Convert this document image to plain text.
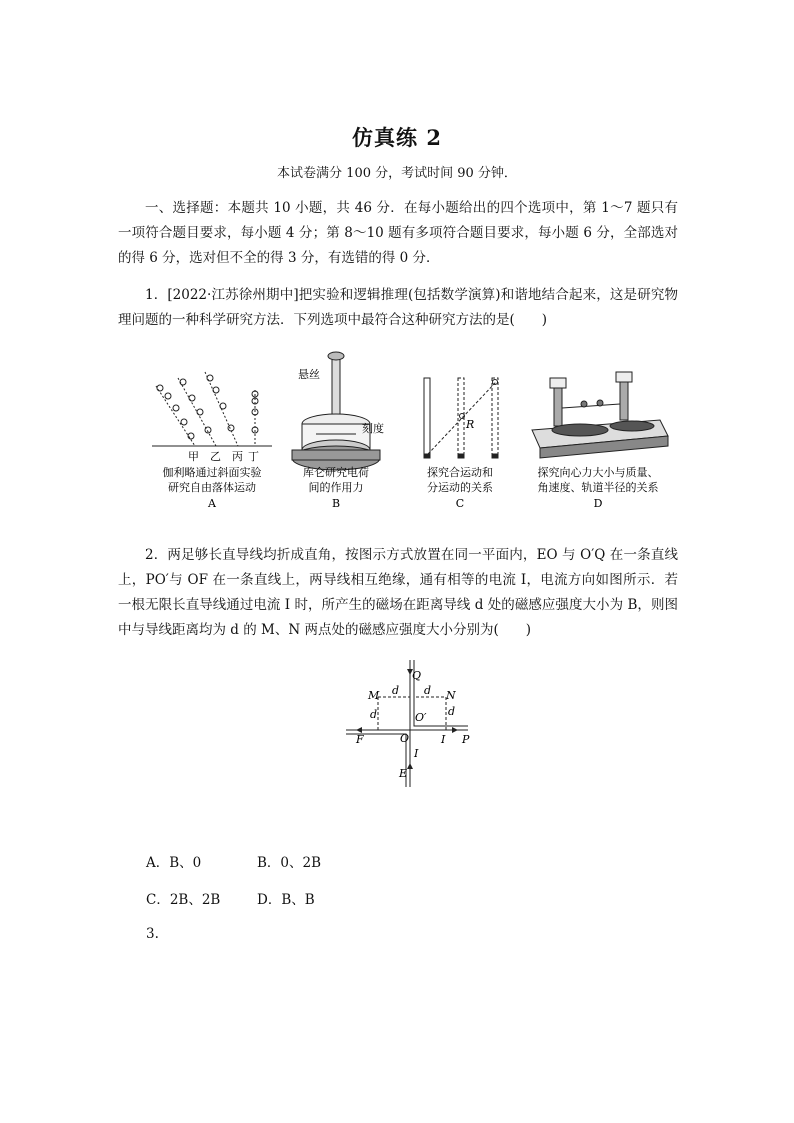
仿真练 2
本试卷满分 100 分，考试时间 90 分钟．
一、选择题：本题共 10 小题，共 46 分．在每小题给出的四个选项中，第 1～7 题只有一项符合题目要求，每小题 4 分；第 8～10 题有多项符合题目要求，每小题 6 分，全部选对的得 6 分，选对但不全的得 3 分，有选错的得 0 分．
1．[2022·江苏徐州期中]把实验和逻辑推理(包括数学演算)和谐地结合起来，这是研究物理问题的一种科学研究方法．下列选项中最符合这种研究方法的是(　　)
甲 乙 丙 丁
悬丝
刻度	R
伽利略通过斜面实验
研究自由落体运动
A
库仑研究电荷
间的作用力
B
探究合运动和
分运动的关系
C
探究向心力大小与质量、
角速度、轨道半径的关系
D
2．两足够长直导线均折成直角，按图示方式放置在同一平面内，EO 与 O′Q 在一条直线上，PO′与 OF 在一条直线上，两导线相互绝缘，通有相等的电流 I，电流方向如图所示．若一根无限长直导线通过电流 I 时，所产生的磁场在距离导线 d 处的磁感应强度大小为 B，则图中与导线距离均为 d 的 M、N 两点处的磁感应强度大小分别为(　　)
Q
M d d N
d	d
O′
O
F	I P
I
E
A．B、0	B．0、2B
C．2B、2B	D．B、B
3.
